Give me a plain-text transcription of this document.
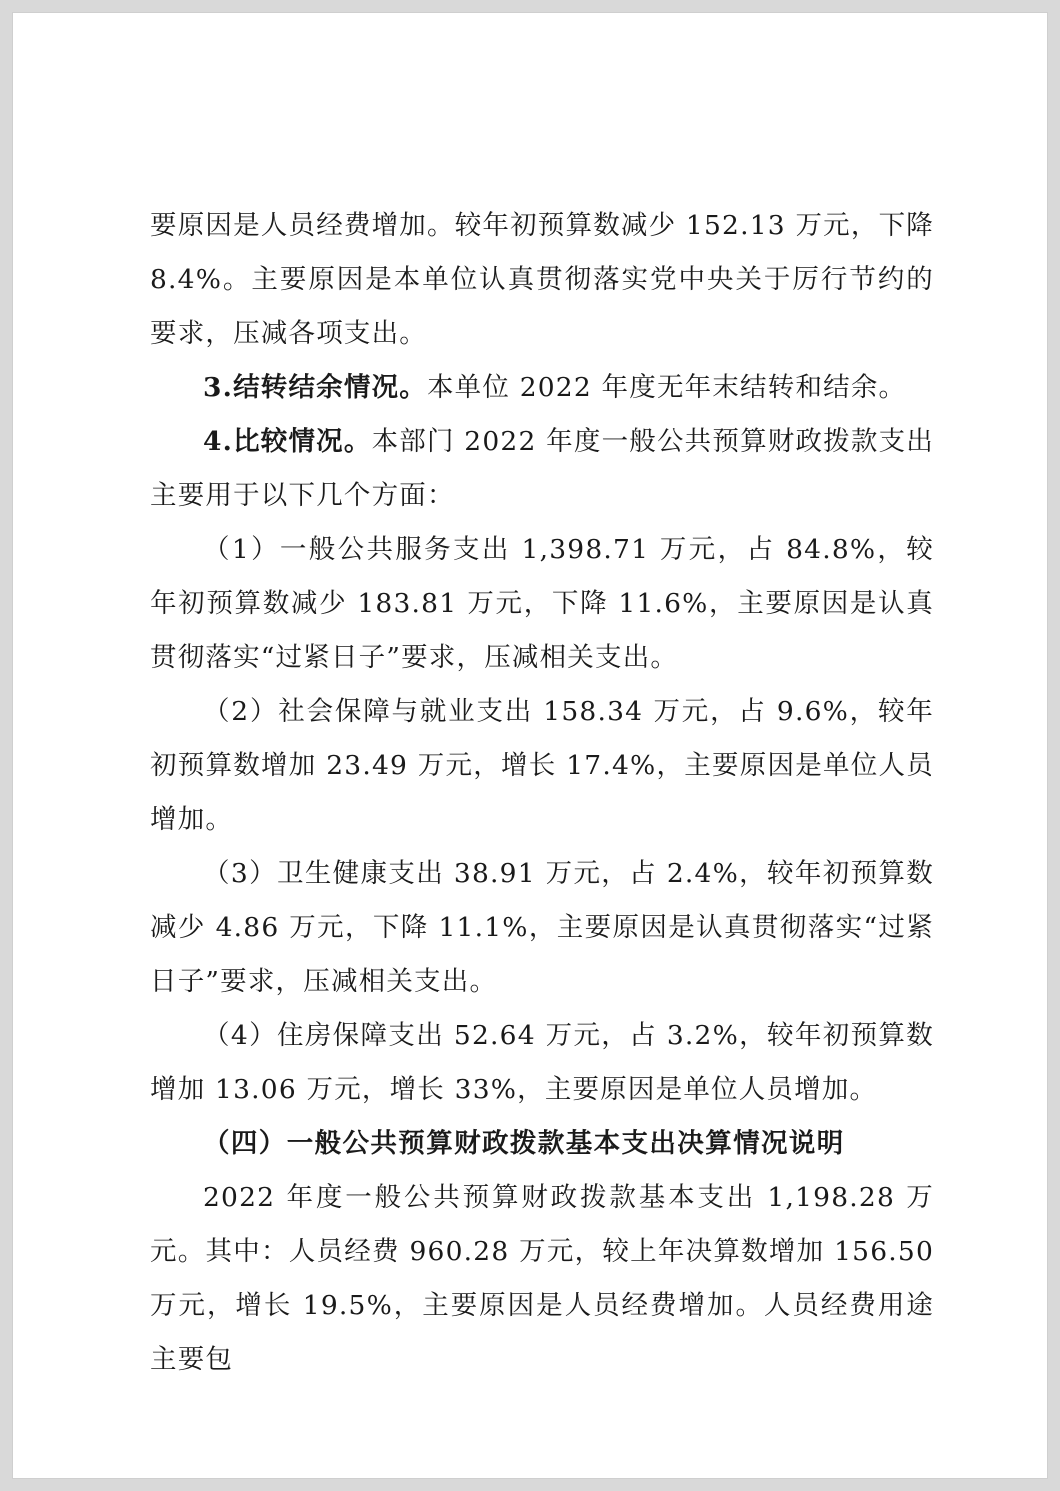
要原因是人员经费增加。较年初预算数减少 152.13 万元，下降 8.4%。主要原因是本单位认真贯彻落实党中央关于厉行节约的要求，压减各项支出。

3.结转结余情况。本单位 2022 年度无年末结转和结余。

4.比较情况。本部门 2022 年度一般公共预算财政拨款支出主要用于以下几个方面：

（1）一般公共服务支出 1,398.71 万元，占 84.8%，较年初预算数减少 183.81 万元，下降 11.6%，主要原因是认真贯彻落实“过紧日子”要求，压减相关支出。

（2）社会保障与就业支出 158.34 万元，占 9.6%，较年初预算数增加 23.49 万元，增长 17.4%，主要原因是单位人员增加。

（3）卫生健康支出 38.91 万元，占 2.4%，较年初预算数减少 4.86 万元，下降 11.1%，主要原因是认真贯彻落实“过紧日子”要求，压减相关支出。

（4）住房保障支出 52.64 万元，占 3.2%，较年初预算数增加 13.06 万元，增长 33%，主要原因是单位人员增加。

（四）一般公共预算财政拨款基本支出决算情况说明

2022 年度一般公共预算财政拨款基本支出 1,198.28 万元。其中：人员经费 960.28 万元，较上年决算数增加 156.50 万元，增长 19.5%，主要原因是人员经费增加。人员经费用途主要包
